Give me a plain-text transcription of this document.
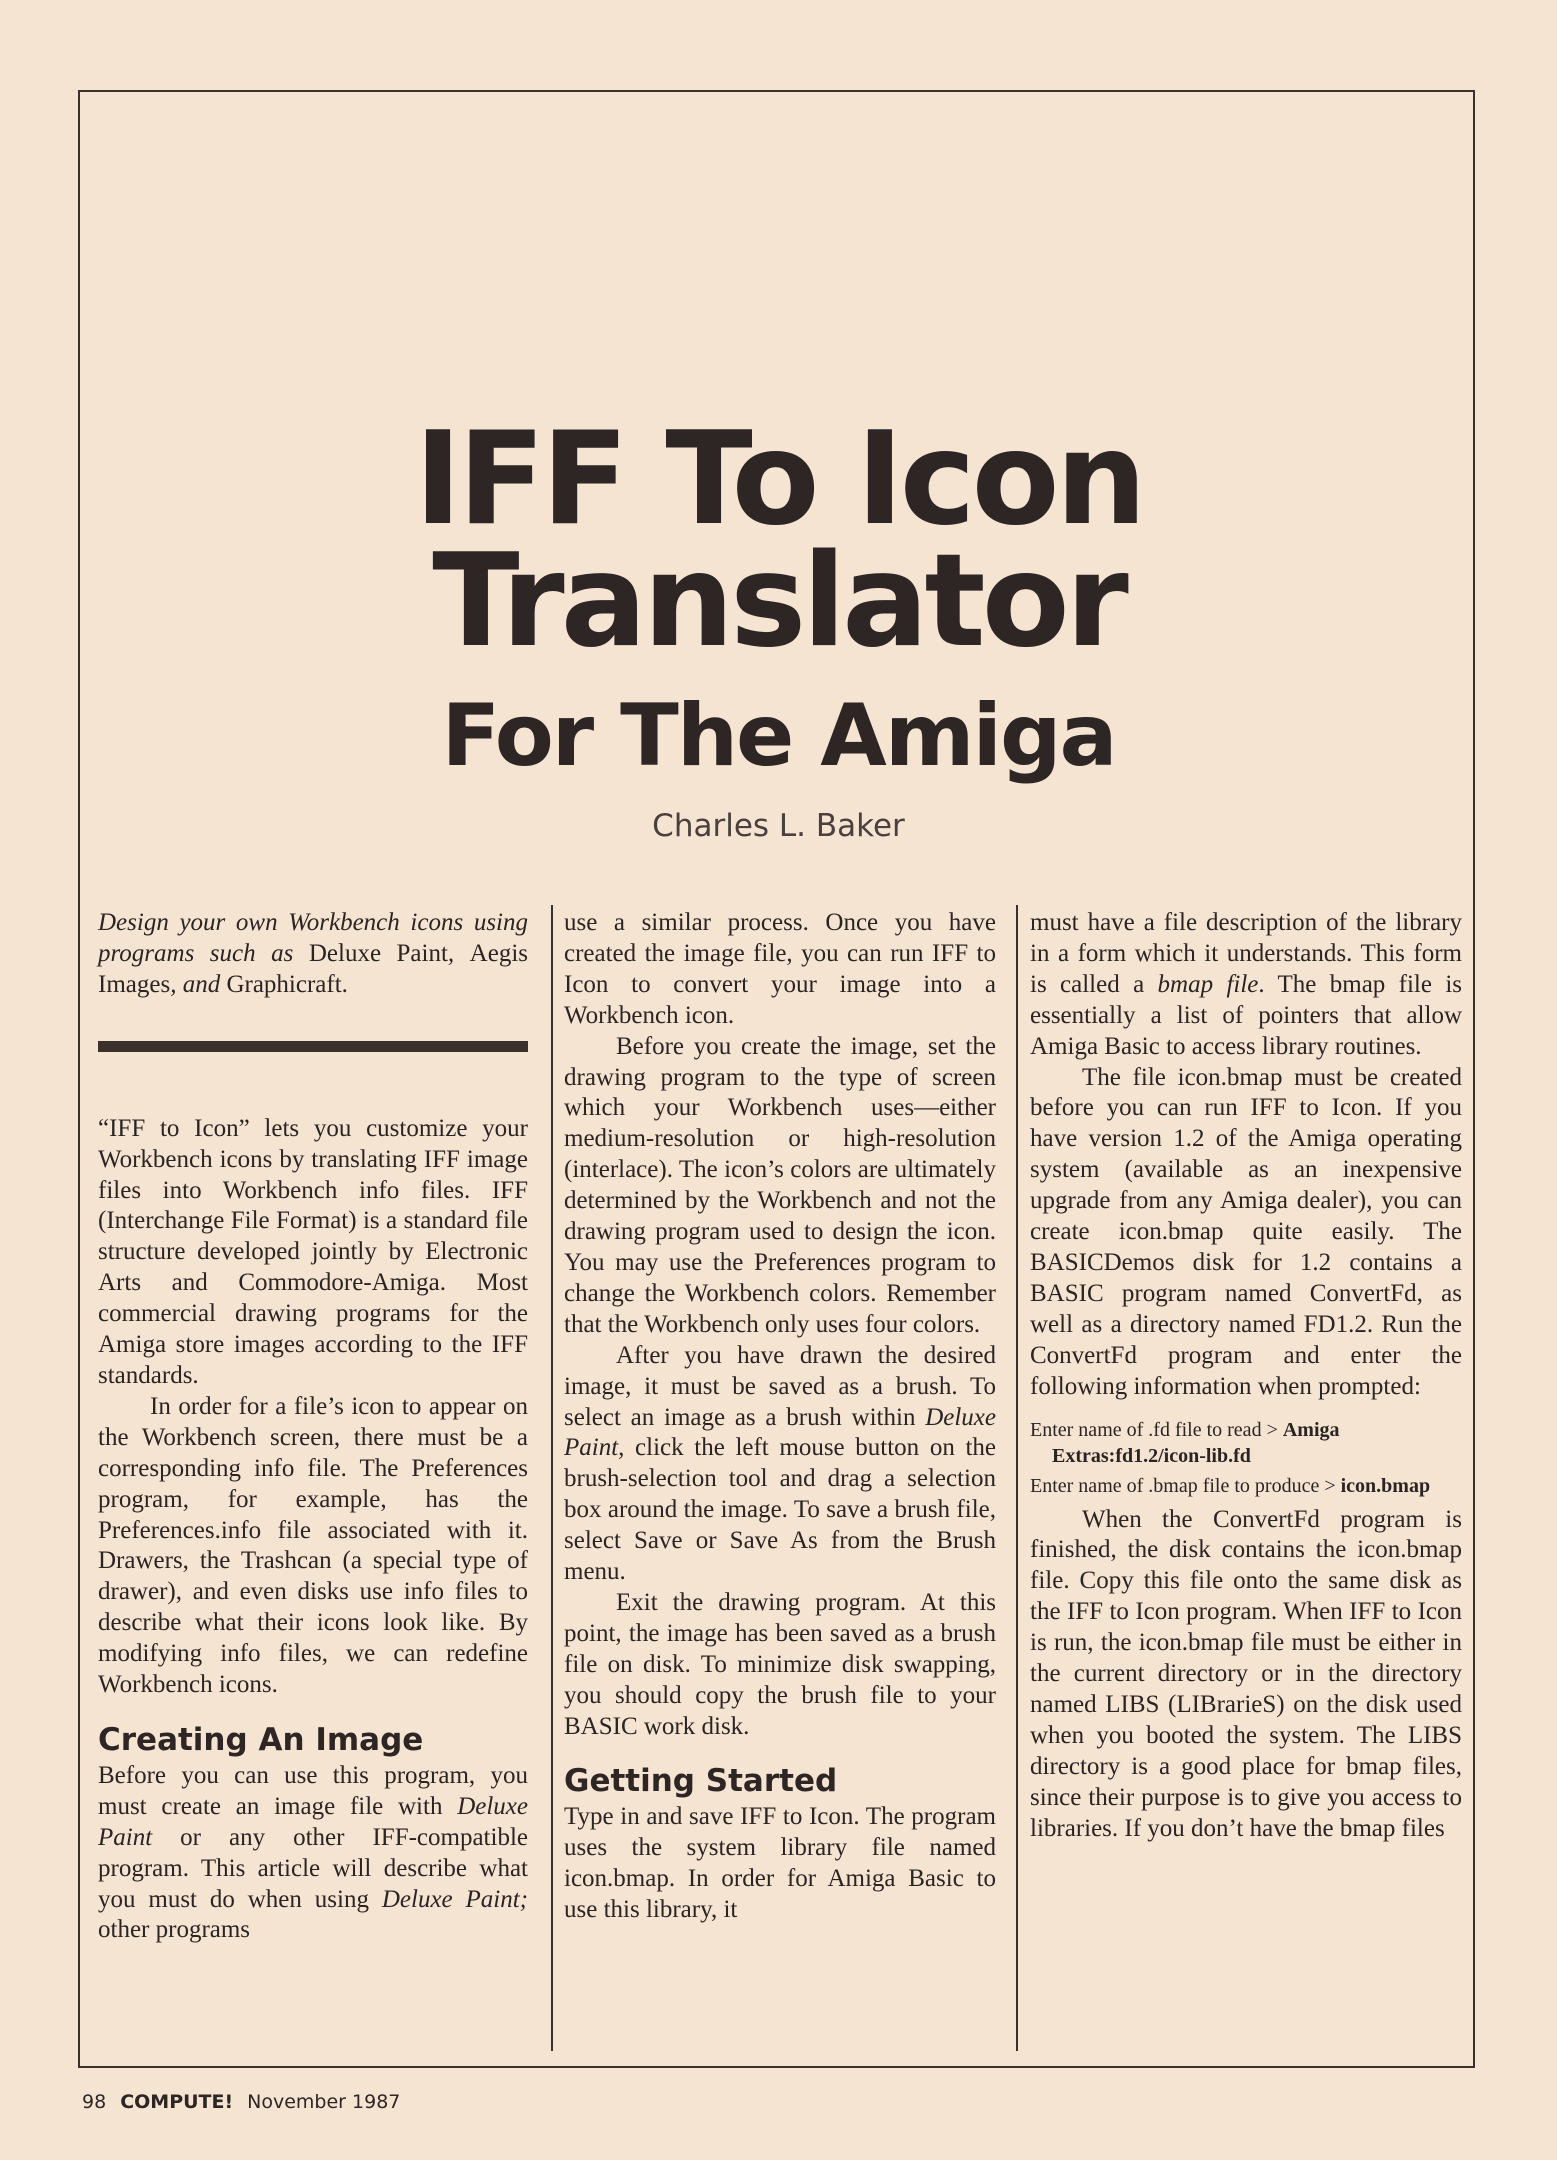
IFF To Icon
Translator
For The Amiga
Charles L. Baker

Design your own Workbench icons using programs such as Deluxe Paint, Aegis Images, and Graphicraft.

“IFF to Icon” lets you customize your Workbench icons by translating IFF image files into Workbench info files. IFF (Interchange File Format) is a standard file structure developed jointly by Electronic Arts and Commodore-Amiga. Most commercial drawing programs for the Amiga store images according to the IFF standards.

In order for a file’s icon to appear on the Workbench screen, there must be a corresponding info file. The Preferences program, for example, has the Preferences.info file associated with it. Drawers, the Trashcan (a special type of drawer), and even disks use info files to describe what their icons look like. By modifying info files, we can redefine Workbench icons.

Creating An Image

Before you can use this program, you must create an image file with Deluxe Paint or any other IFF-compatible program. This article will describe what you must do when using Deluxe Paint; other programs

use a similar process. Once you have created the image file, you can run IFF to Icon to convert your image into a Workbench icon.

Before you create the image, set the drawing program to the type of screen which your Workbench uses—either medium-resolution or high-resolution (interlace). The icon’s colors are ultimately determined by the Workbench and not the drawing program used to design the icon. You may use the Preferences program to change the Workbench colors. Remember that the Workbench only uses four colors.

After you have drawn the desired image, it must be saved as a brush. To select an image as a brush within Deluxe Paint, click the left mouse button on the brush-selection tool and drag a selection box around the image. To save a brush file, select Save or Save As from the Brush menu.

Exit the drawing program. At this point, the image has been saved as a brush file on disk. To minimize disk swapping, you should copy the brush file to your BASIC work disk.

Getting Started

Type in and save IFF to Icon. The program uses the system library file named icon.bmap. In order for Amiga Basic to use this library, it

must have a file description of the library in a form which it understands. This form is called a bmap file. The bmap file is essentially a list of pointers that allow Amiga Basic to access library routines.

The file icon.bmap must be created before you can run IFF to Icon. If you have version 1.2 of the Amiga operating system (available as an inexpensive upgrade from any Amiga dealer), you can create icon.bmap quite easily. The BASICDemos disk for 1.2 contains a BASIC program named ConvertFd, as well as a directory named FD1.2. Run the ConvertFd program and enter the following information when prompted:

Enter name of .fd file to read > Amiga Extras:fd1.2/icon-lib.fd
Enter name of .bmap file to produce > icon.bmap

When the ConvertFd program is finished, the disk contains the icon.bmap file. Copy this file onto the same disk as the IFF to Icon program. When IFF to Icon is run, the icon.bmap file must be either in the current directory or in the directory named LIBS (LIBrarieS) on the disk used when you booted the system. The LIBS directory is a good place for bmap files, since their purpose is to give you access to libraries. If you don’t have the bmap files

98 COMPUTE! November 1987
